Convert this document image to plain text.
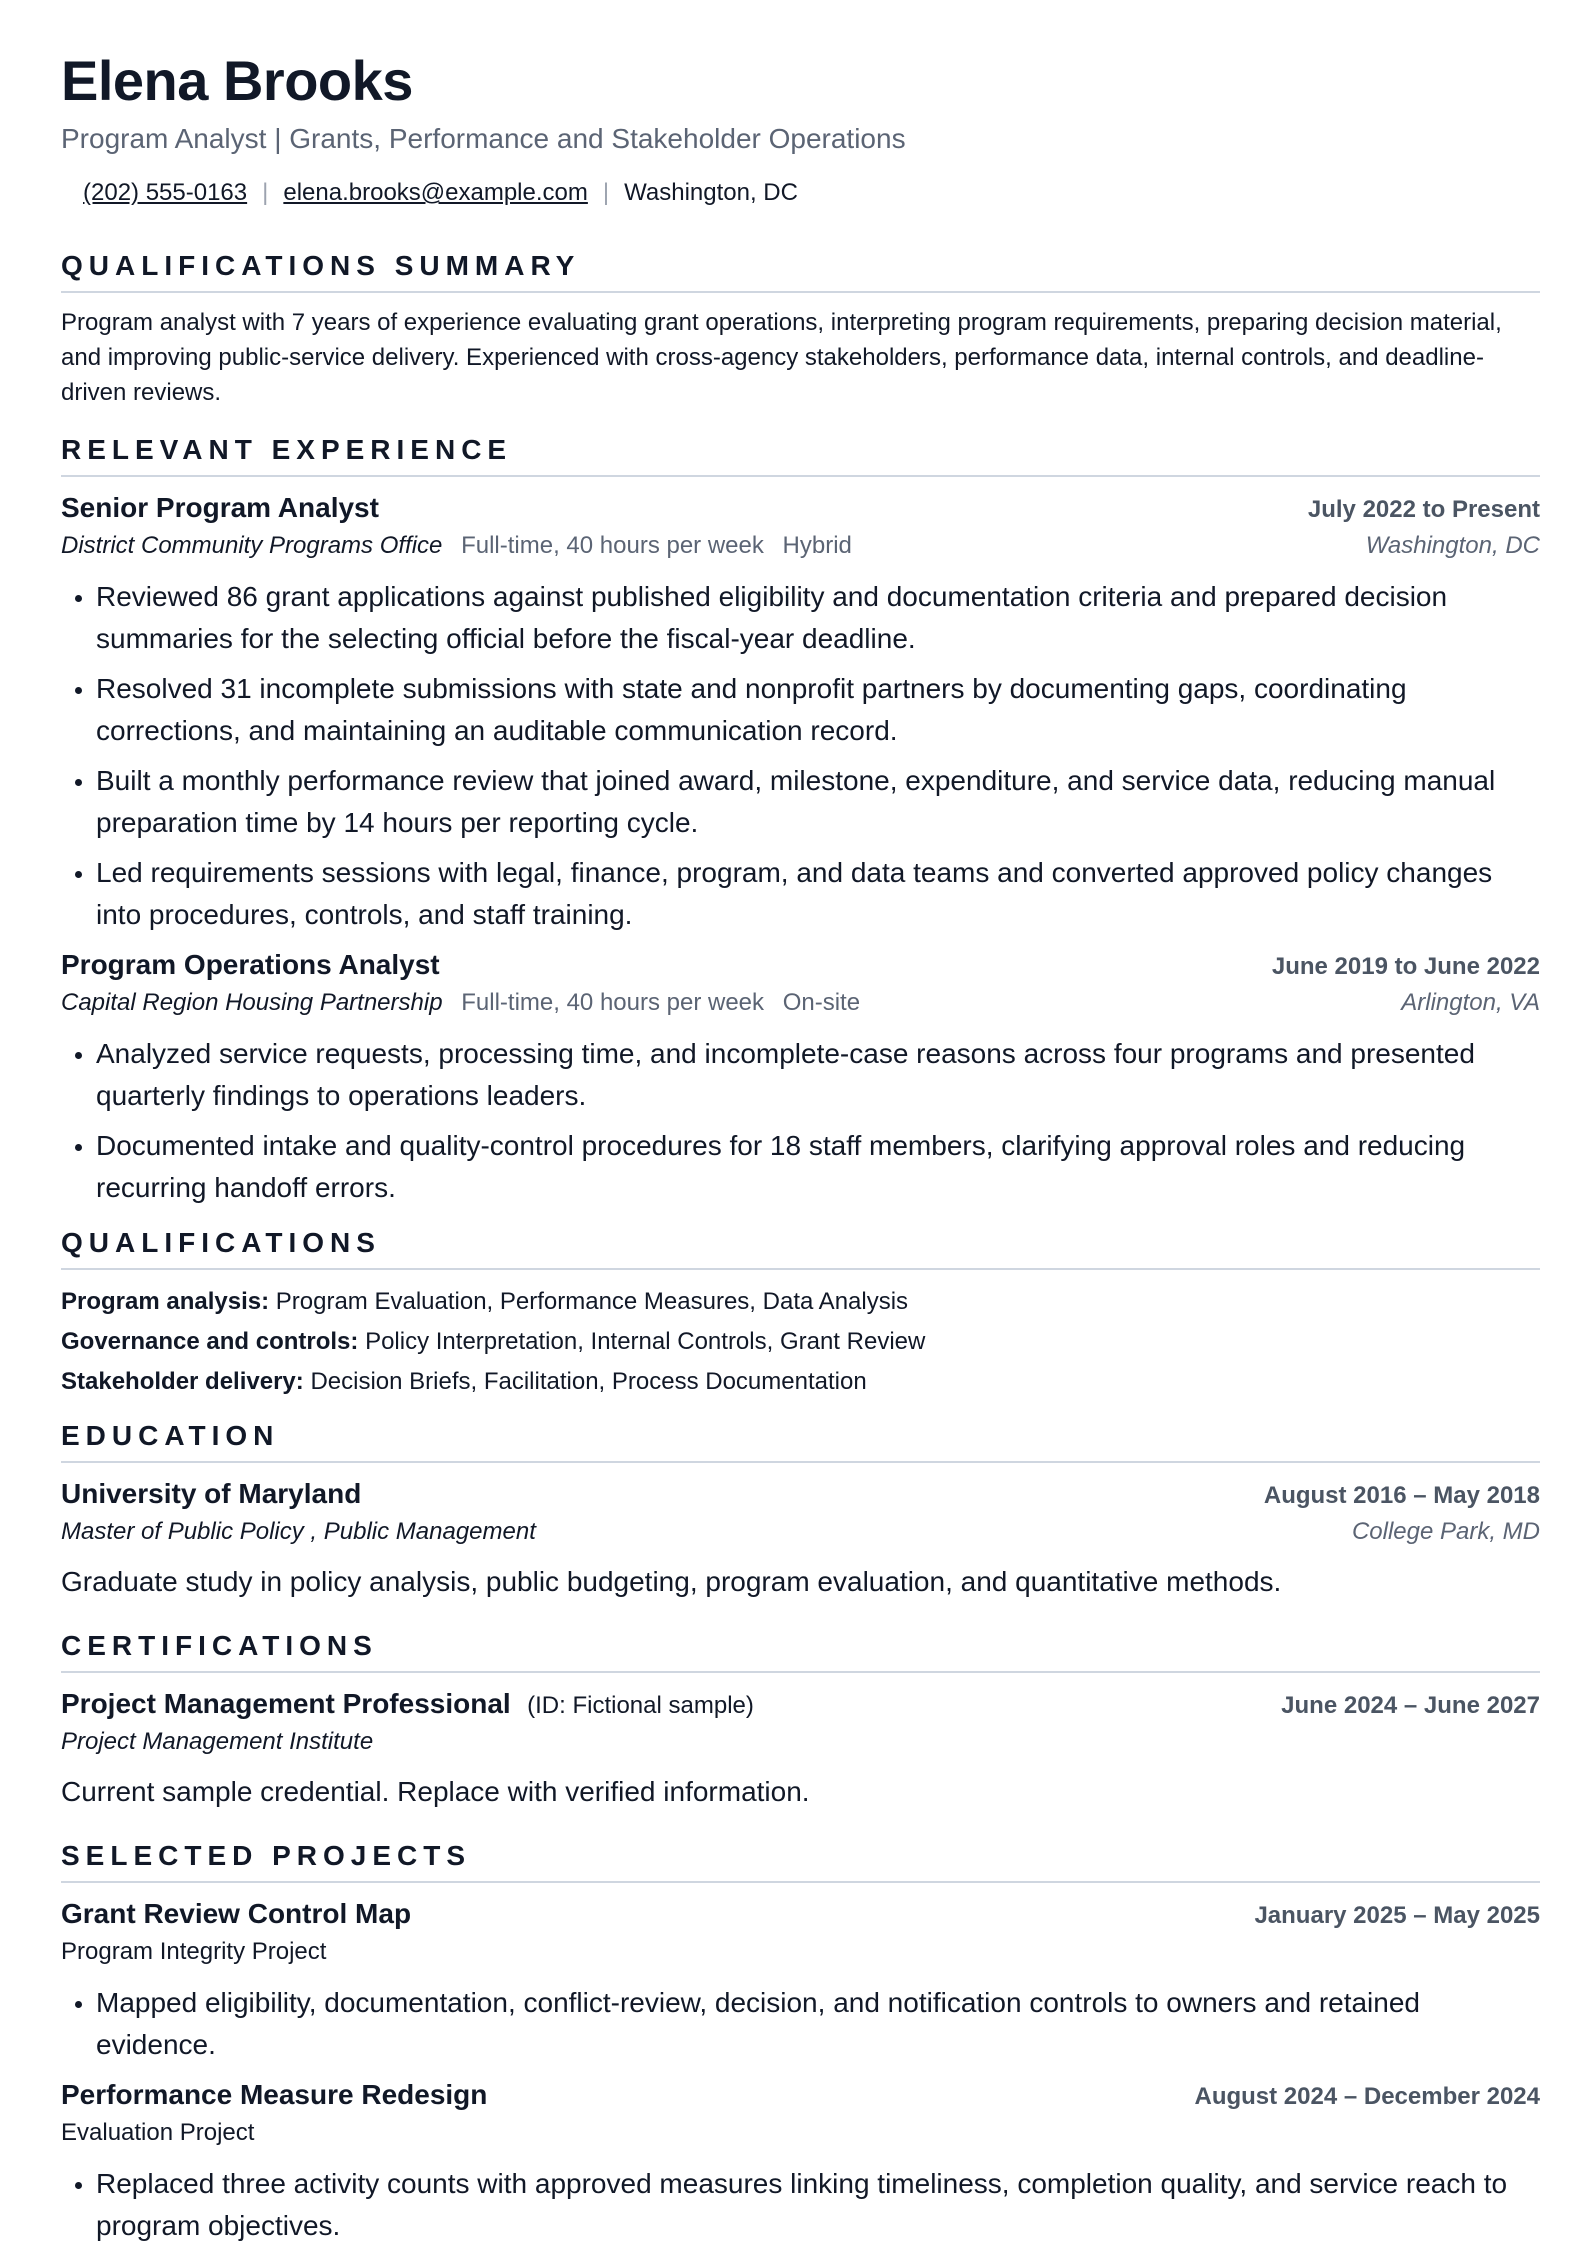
Elena Brooks
Program Analyst | Grants, Performance and Stakeholder Operations
(202) 555-0163 | elena.brooks@example.com | Washington, DC
QUALIFICATIONS SUMMARY
Program analyst with 7 years of experience evaluating grant operations, interpreting program requirements, preparing decision material, and improving public-service delivery. Experienced with cross-agency stakeholders, performance data, internal controls, and deadline-driven reviews.
RELEVANT EXPERIENCE
Senior Program Analyst	July 2022 to Present
District Community Programs Office Full-time, 40 hours per week Hybrid	Washington, DC
• Reviewed 86 grant applications against published eligibility and documentation criteria and prepared decision summaries for the selecting official before the fiscal-year deadline.
• Resolved 31 incomplete submissions with state and nonprofit partners by documenting gaps, coordinating corrections, and maintaining an auditable communication record.
• Built a monthly performance review that joined award, milestone, expenditure, and service data, reducing manual preparation time by 14 hours per reporting cycle.
• Led requirements sessions with legal, finance, program, and data teams and converted approved policy changes into procedures, controls, and staff training.
Program Operations Analyst	June 2019 to June 2022
Capital Region Housing Partnership Full-time, 40 hours per week On-site	Arlington, VA
• Analyzed service requests, processing time, and incomplete-case reasons across four programs and presented quarterly findings to operations leaders.
• Documented intake and quality-control procedures for 18 staff members, clarifying approval roles and reducing recurring handoff errors.
QUALIFICATIONS
Program analysis: Program Evaluation, Performance Measures, Data Analysis
Governance and controls: Policy Interpretation, Internal Controls, Grant Review
Stakeholder delivery: Decision Briefs, Facilitation, Process Documentation
EDUCATION
University of Maryland	August 2016 – May 2018
Master of Public Policy , Public Management	College Park, MD
Graduate study in policy analysis, public budgeting, program evaluation, and quantitative methods.
CERTIFICATIONS
Project Management Professional (ID: Fictional sample)	June 2024 – June 2027
Project Management Institute
Current sample credential. Replace with verified information.
SELECTED PROJECTS
Grant Review Control Map	January 2025 – May 2025
Program Integrity Project
• Mapped eligibility, documentation, conflict-review, decision, and notification controls to owners and retained evidence.
Performance Measure Redesign	August 2024 – December 2024
Evaluation Project
• Replaced three activity counts with approved measures linking timeliness, completion quality, and service reach to program objectives.
